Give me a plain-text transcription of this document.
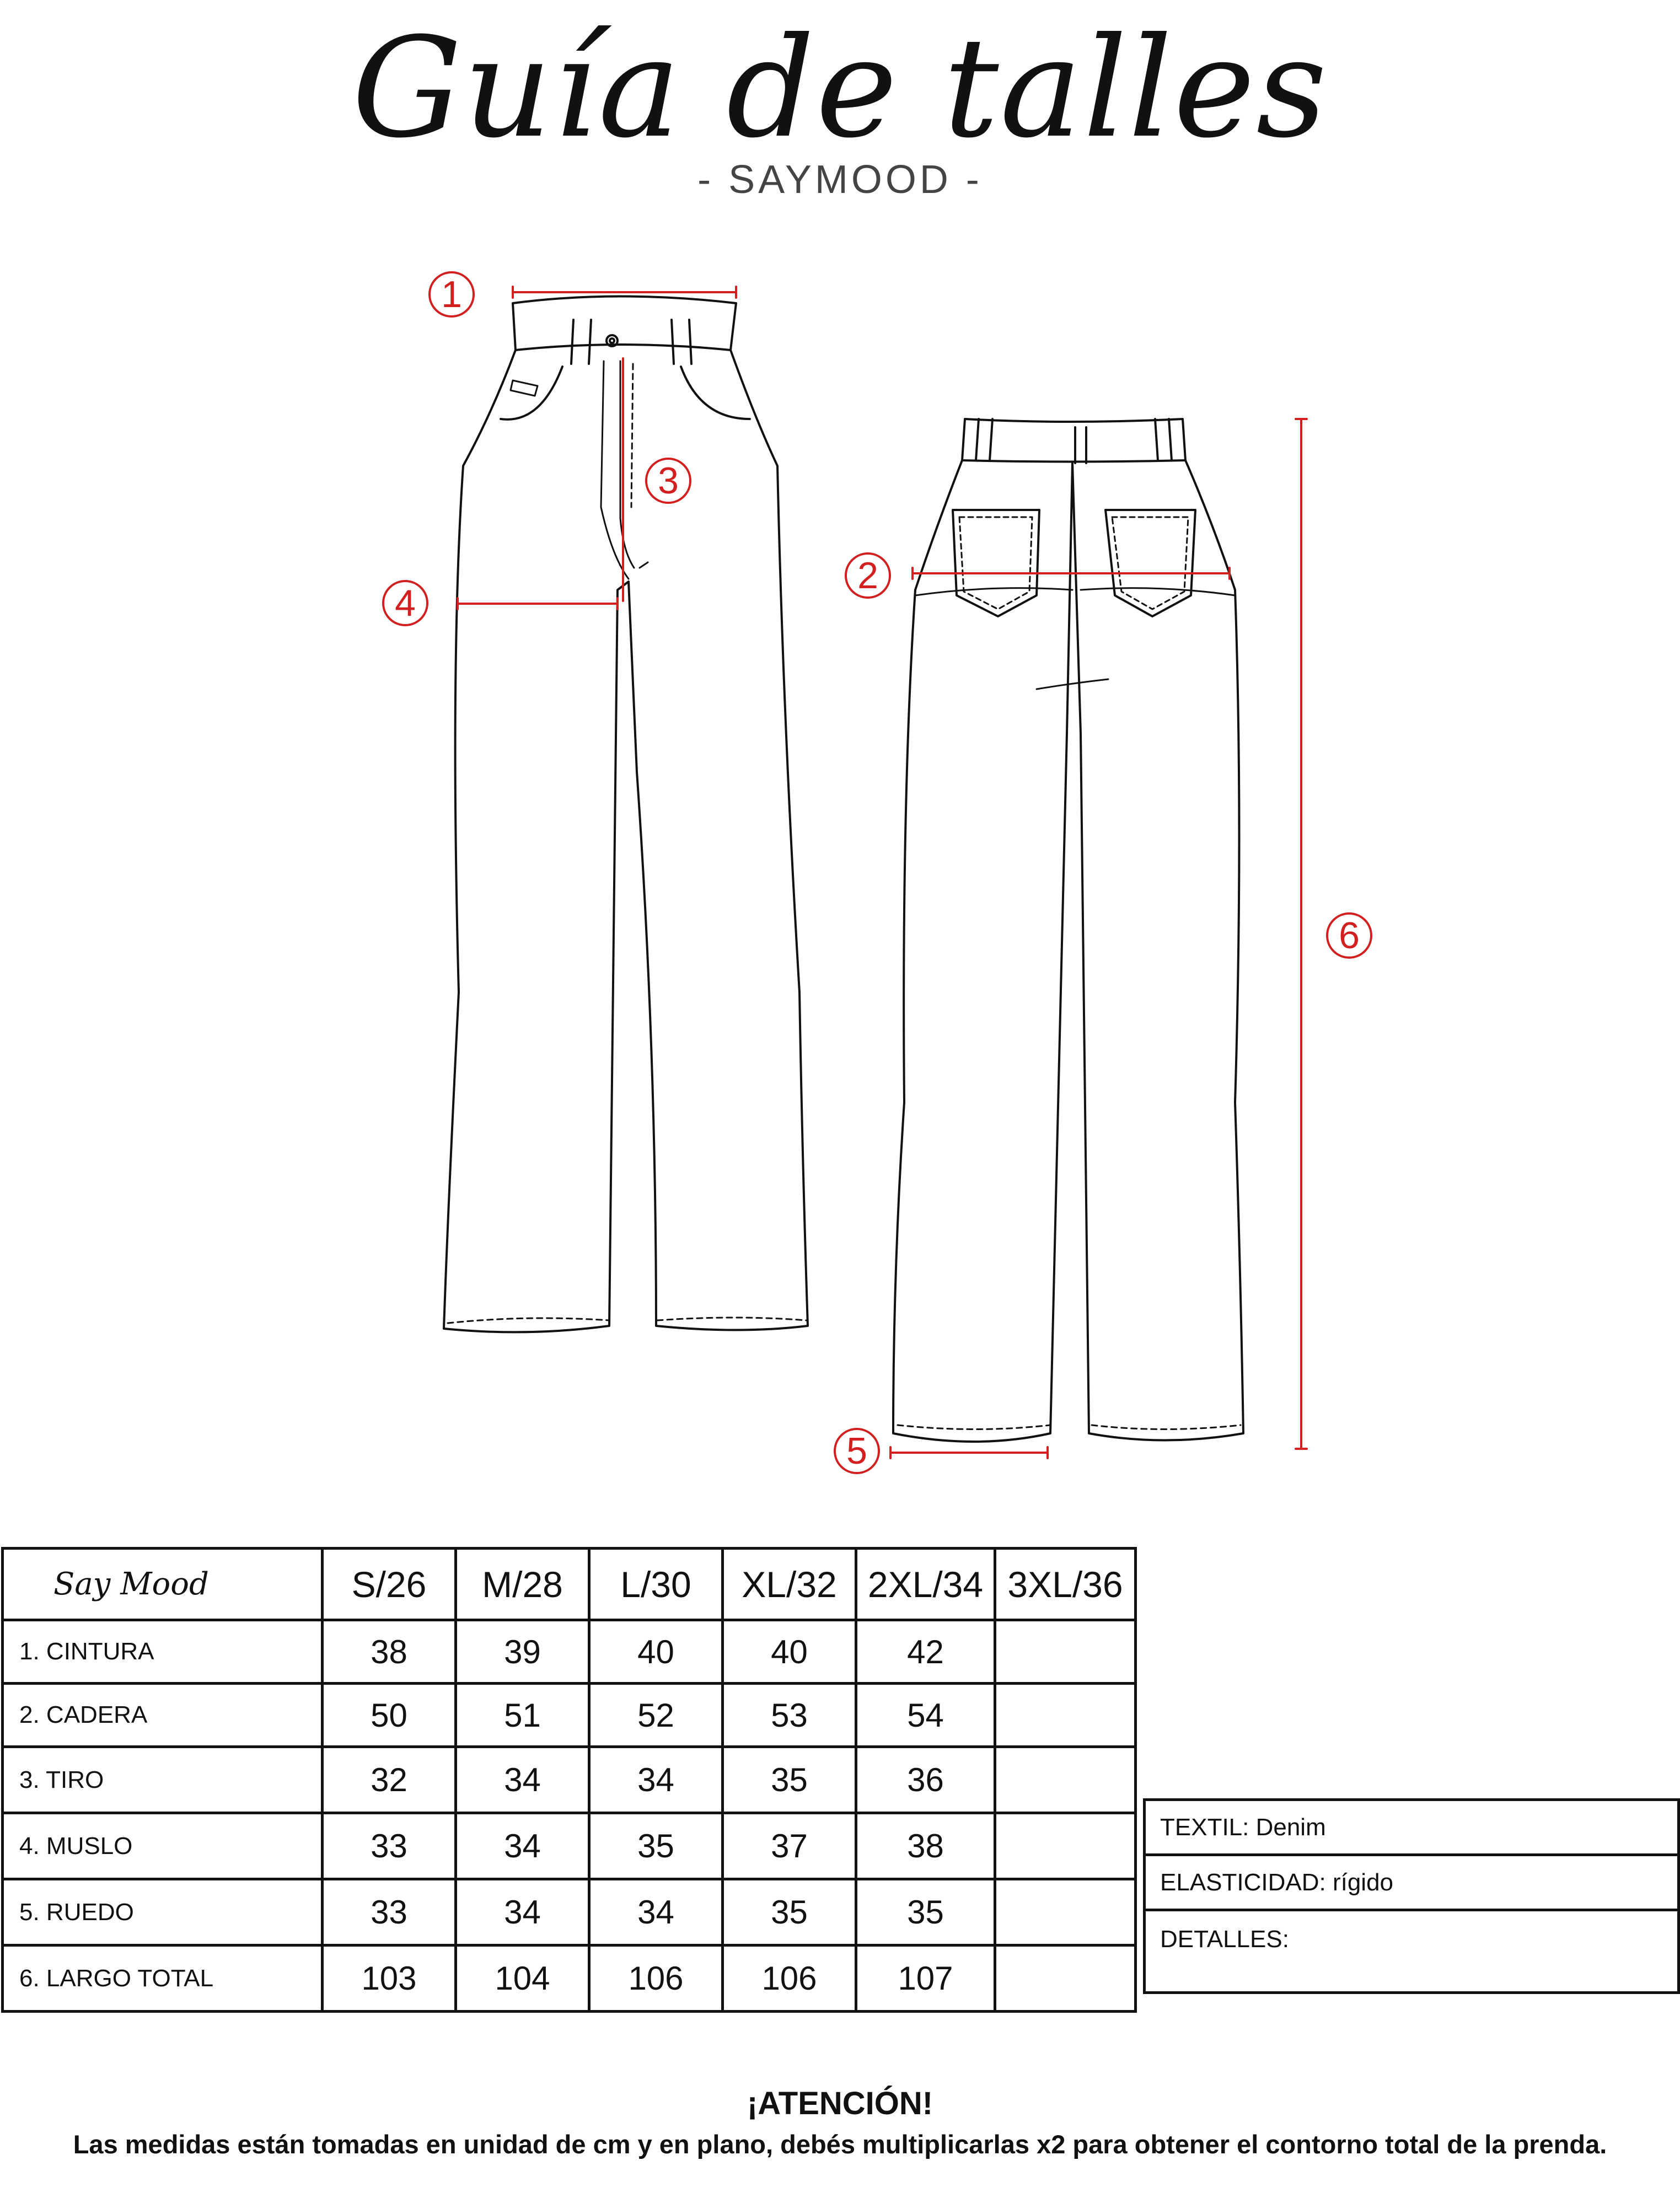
Guía de talles
- SAYMOOD -
1
2
3
4
5
6
Say Mood	S/26	M/28	L/30	XL/32	2XL/34	3XL/36
1. CINTURA	38	39	40	40	42	
2. CADERA	50	51	52	53	54	
3. TIRO	32	34	34	35	36	
4. MUSLO	33	34	35	37	38	
5. RUEDO	33	34	34	35	35	
6. LARGO TOTAL	103	104	106	106	107	
TEXTIL: Denim
ELASTICIDAD: rígido
DETALLES:
¡ATENCIÓN!
Las medidas están tomadas en unidad de cm y en plano, debés multiplicarlas x2 para obtener el contorno total de la prenda.
